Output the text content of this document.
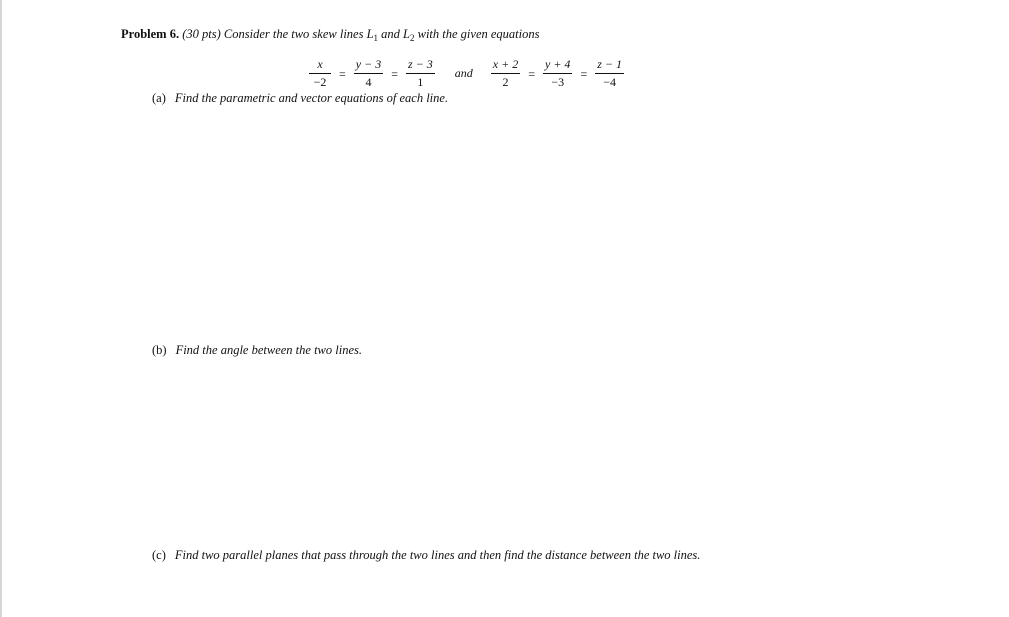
Problem 6. (30 pts) Consider the two skew lines $L_1$ and $L_2$ with the given equations
$\frac{x}{-2} = \frac{y - 3}{4} = \frac{z - 3}{1}$ and $\frac{x + 2}{2} = \frac{y + 4}{-3} = \frac{z - 1}{-4}$
(a) Find the parametric and vector equations of each line.
(b) Find the angle between the two lines.
(c) Find two parallel planes that pass through the two lines and then find the distance between the two lines.
